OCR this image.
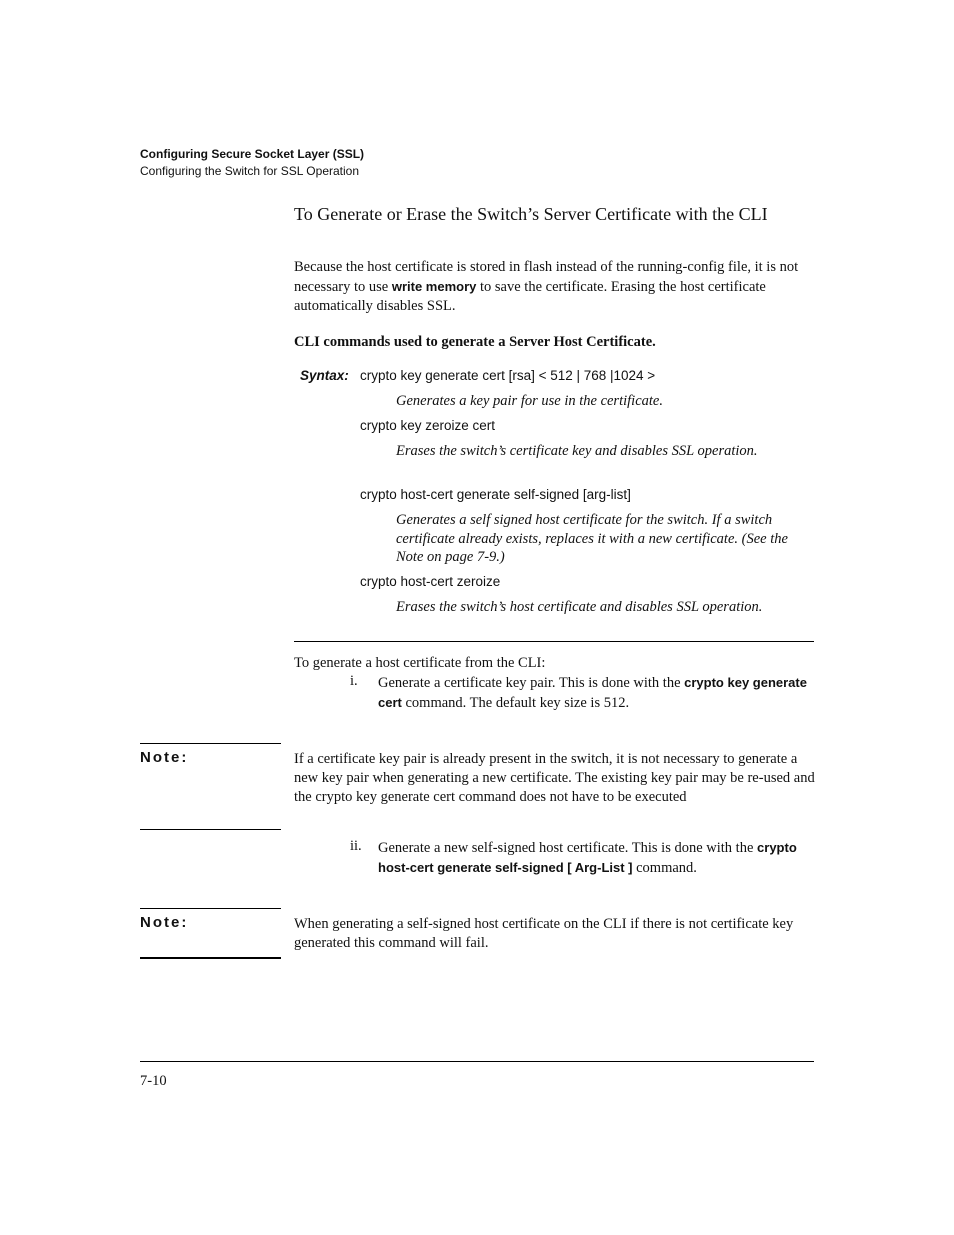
Configuring Secure Socket Layer (SSL)
Configuring the Switch for SSL Operation
To Generate or Erase the Switch’s Server Certificate with the CLI
Because the host certificate is stored in flash instead of the running-config file, it is not necessary to use write memory to save the certificate. Erasing the host certificate automatically disables SSL.
CLI commands used to generate a Server Host Certificate.
Syntax: crypto key generate cert [rsa] < 512 | 768 |1024 >
Generates a key pair for use in the certificate.
crypto key zeroize cert
Erases the switch’s certificate key and disables SSL operation.
crypto host-cert generate self-signed [arg-list]
Generates a self signed host certificate for the switch. If a switch certificate already exists, replaces it with a new certificate. (See the Note on page 7-9.)
crypto host-cert zeroize
Erases the switch’s host certificate and disables SSL operation.
To generate a host certificate from the CLI:
i. Generate a certificate key pair. This is done with the crypto key generate cert command. The default key size is 512.
Note:	If a certificate key pair is already present in the switch, it is not necessary to generate a new key pair when generating a new certificate. The existing key pair may be re-used and the crypto key generate cert command does not have to be executed
ii. Generate a new self-signed host certificate. This is done with the crypto host-cert generate self-signed [ Arg-List ] command.
Note:	When generating a self-signed host certificate on the CLI if there is not certificate key generated this command will fail.
7-10
